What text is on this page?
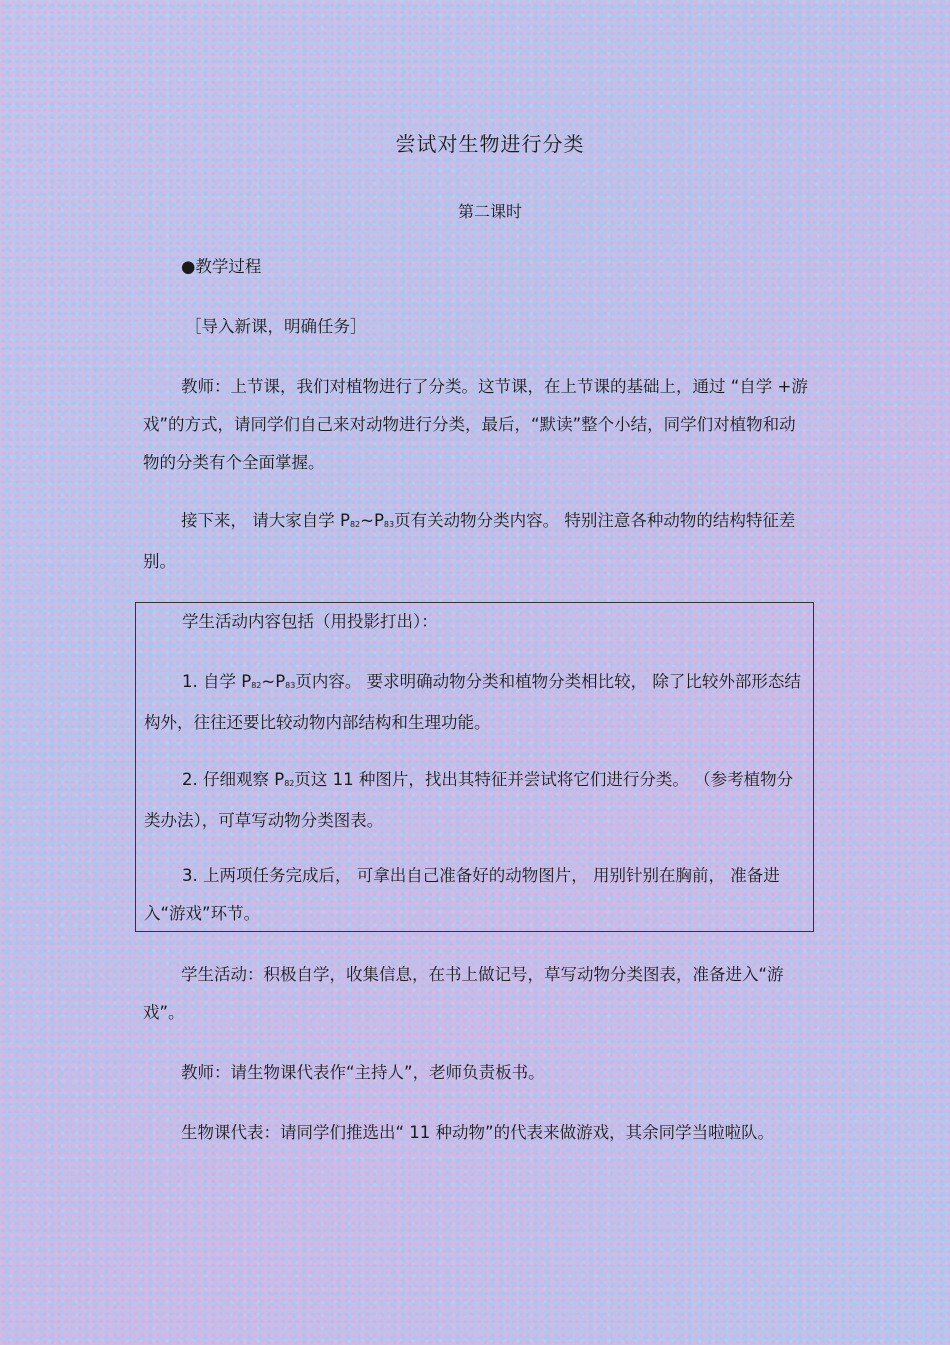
尝试对生物进行分类
第二课时
●教学过程
［导入新课，明确任务］

教师：上节课，我们对植物进行了分类。这节课，在上节课的基础上，通过 “自学 +游戏”的方式，请同学们自己来对动物进行分类，最后，“默读”整个小结，同学们对植物和动物的分类有个全面掌握。

接下来， 请大家自学 $P_{82}\sim P_{83}$页有关动物分类内容。 特别注意各种动物的结构特征差别。

学生活动内容包括（用投影打出）：

1. 自学 $P_{82}\sim P_{83}$页内容。 要求明确动物分类和植物分类相比较， 除了比较外部形态结构外，往往还要比较动物内部结构和生理功能。

2. 仔细观察 $P_{82}$页这 11 种图片，找出其特征并尝试将它们进行分类。 （参考植物分类办法），可草写动物分类图表。

3. 上两项任务完成后， 可拿出自己准备好的动物图片， 用别针别在胸前， 准备进入“游戏”环节。

学生活动：积极自学，收集信息，在书上做记号，草写动物分类图表，准备进入“游戏”。

教师：请生物课代表作“主持人”，老师负责板书。

生物课代表：请同学们推选出“ 11 种动物”的代表来做游戏，其余同学当啦啦队。
